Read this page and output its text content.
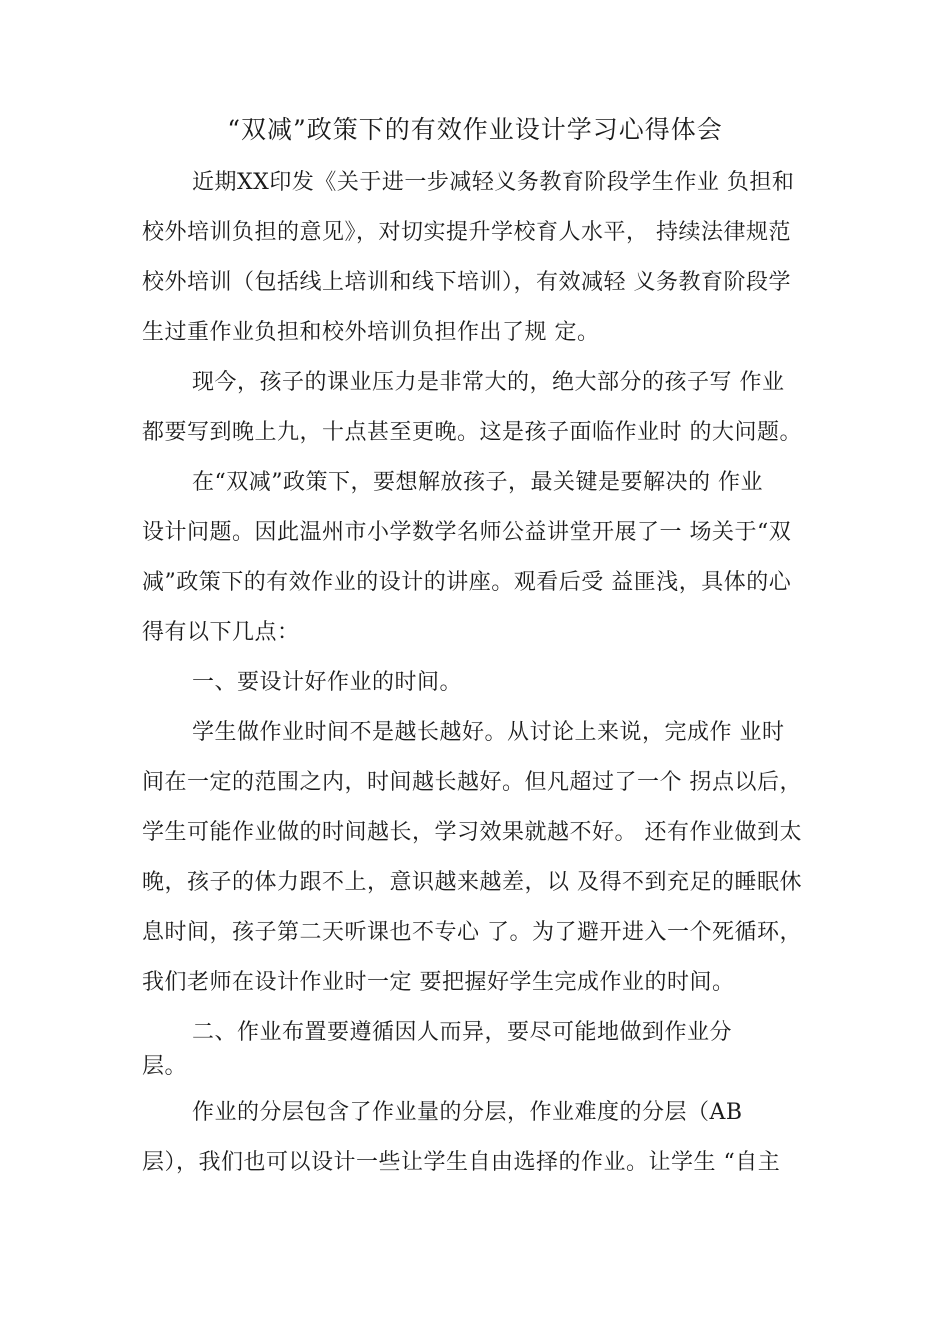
“双减”政策下的有效作业设计学习心得体会
近期XX印发《关于进一步减轻义务教育阶段学生作业 负担和
校外培训负担的意见》，对切实提升学校育人水平， 持续法律规范
校外培训（包括线上培训和线下培训），有效减轻 义务教育阶段学
生过重作业负担和校外培训负担作出了规 定。
现今，孩子的课业压力是非常大的，绝大部分的孩子写 作业
都要写到晚上九，十点甚至更晚。这是孩子面临作业时 的大问题。
在“双减”政策下，要想解放孩子，最关键是要解决的 作业
设计问题。因此温州市小学数学名师公益讲堂开展了一 场关于“双
减”政策下的有效作业的设计的讲座。观看后受 益匪浅，具体的心
得有以下几点：
一、要设计好作业的时间。
学生做作业时间不是越长越好。从讨论上来说，完成作 业时
间在一定的范围之内，时间越长越好。但凡超过了一个 拐点以后，
学生可能作业做的时间越长，学习效果就越不好。 还有作业做到太
晚，孩子的体力跟不上，意识越来越差，以 及得不到充足的睡眠休
息时间，孩子第二天听课也不专心 了。为了避开进入一个死循环，
我们老师在设计作业时一定 要把握好学生完成作业的时间。
二、作业布置要遵循因人而异，要尽可能地做到作业分
层。
作业的分层包含了作业量的分层，作业难度的分层（AB
层），我们也可以设计一些让学生自由选择的作业。让学生 “自主
